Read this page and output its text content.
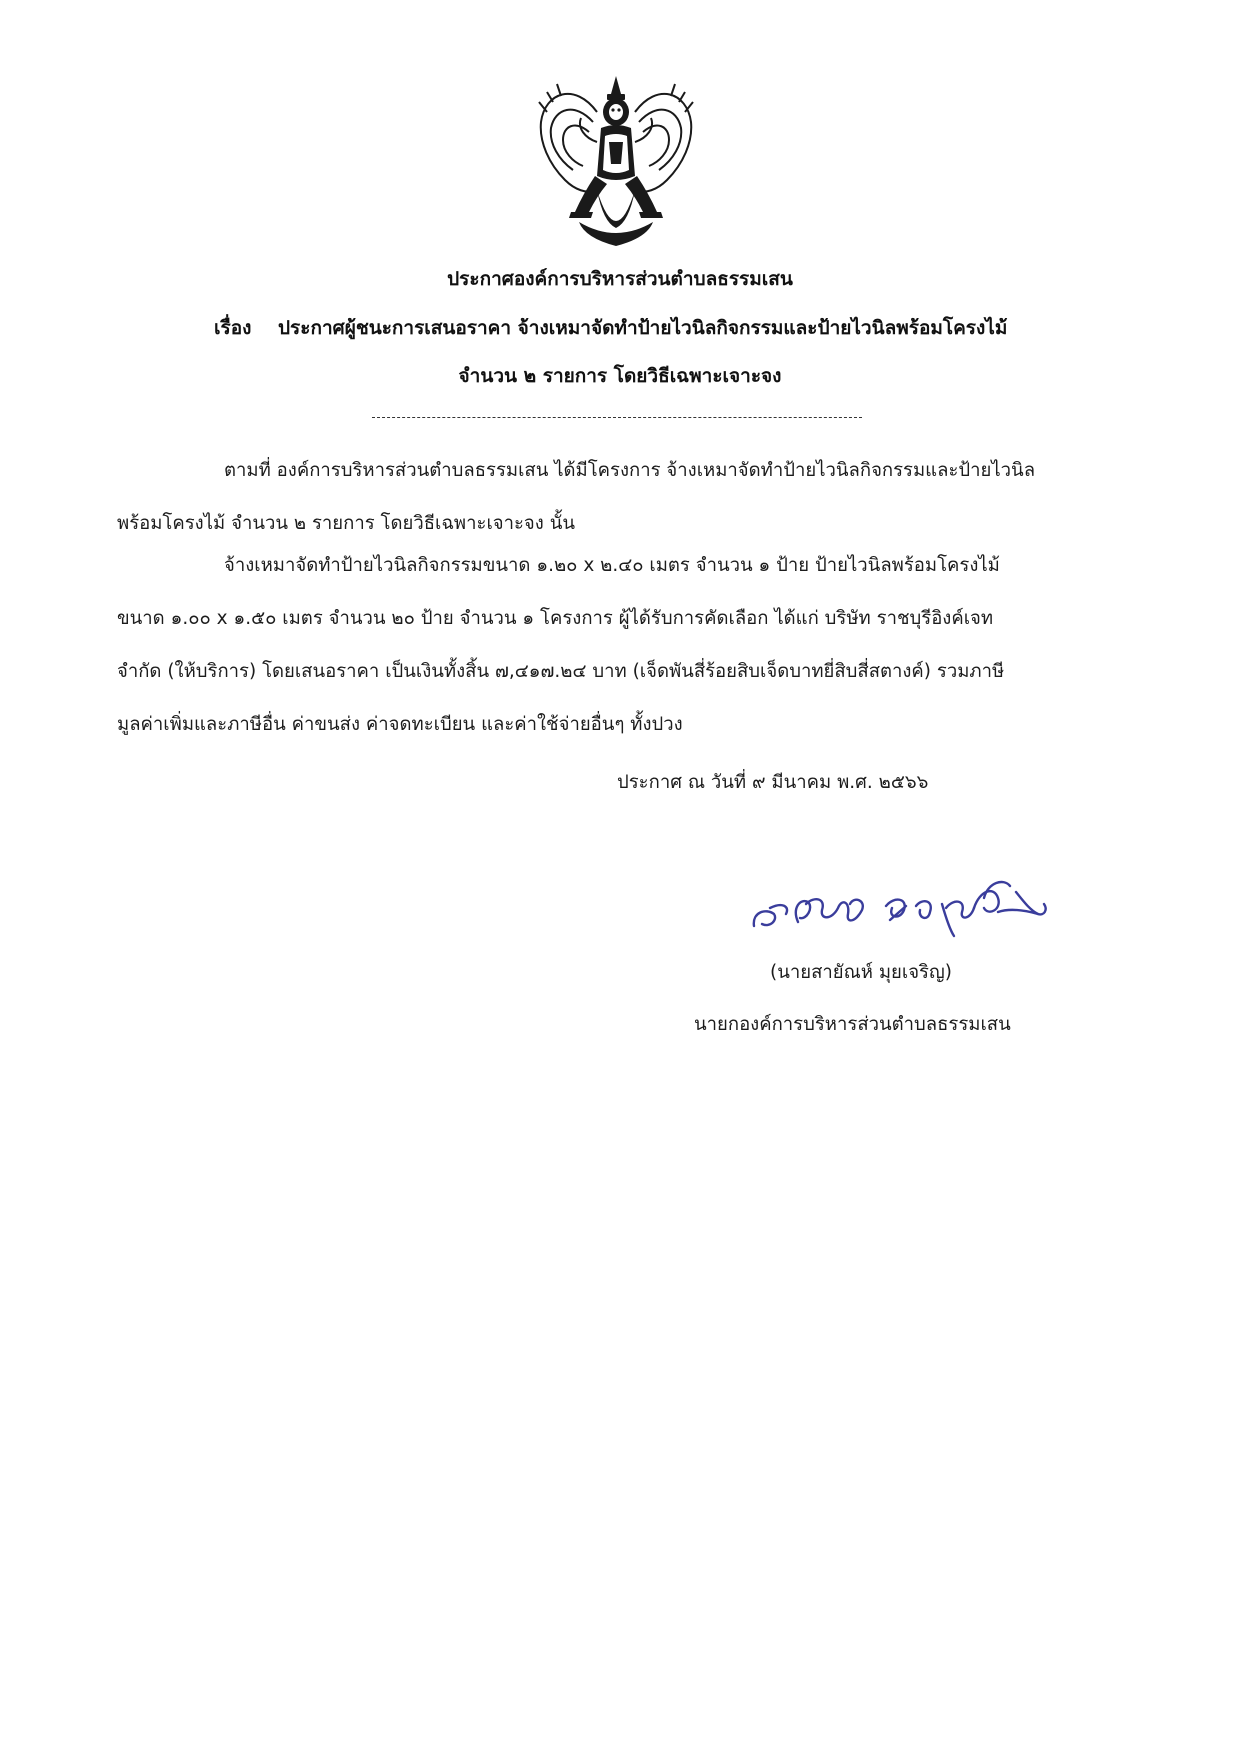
ประกาศองค์การบริหารส่วนตำบลธรรมเสน
เรื่อง ประกาศผู้ชนะการเสนอราคา จ้างเหมาจัดทำป้ายไวนิลกิจกรรมและป้ายไวนิลพร้อมโครงไม้
จำนวน ๒ รายการ โดยวิธีเฉพาะเจาะจง
ตามที่ องค์การบริหารส่วนตำบลธรรมเสน ได้มีโครงการ จ้างเหมาจัดทำป้ายไวนิลกิจกรรมและป้ายไวนิล
พร้อมโครงไม้ จำนวน ๒ รายการ โดยวิธีเฉพาะเจาะจง นั้น
จ้างเหมาจัดทำป้ายไวนิลกิจกรรมขนาด ๑.๒๐ x ๒.๔๐ เมตร จำนวน ๑ ป้าย ป้ายไวนิลพร้อมโครงไม้
ขนาด ๑.๐๐ x ๑.๕๐ เมตร จำนวน ๒๐ ป้าย จำนวน ๑ โครงการ ผู้ได้รับการคัดเลือก ได้แก่ บริษัท ราชบุรีอิงค์เจท
จำกัด (ให้บริการ) โดยเสนอราคา เป็นเงินทั้งสิ้น ๗,๔๑๗.๒๔ บาท (เจ็ดพันสี่ร้อยสิบเจ็ดบาทยี่สิบสี่สตางค์) รวมภาษี
มูลค่าเพิ่มและภาษีอื่น ค่าขนส่ง ค่าจดทะเบียน และค่าใช้จ่ายอื่นๆ ทั้งปวง
ประกาศ ณ วันที่ ๙ มีนาคม พ.ศ. ๒๕๖๖
(นายสายัณห์ มุยเจริญ)
นายกองค์การบริหารส่วนตำบลธรรมเสน
